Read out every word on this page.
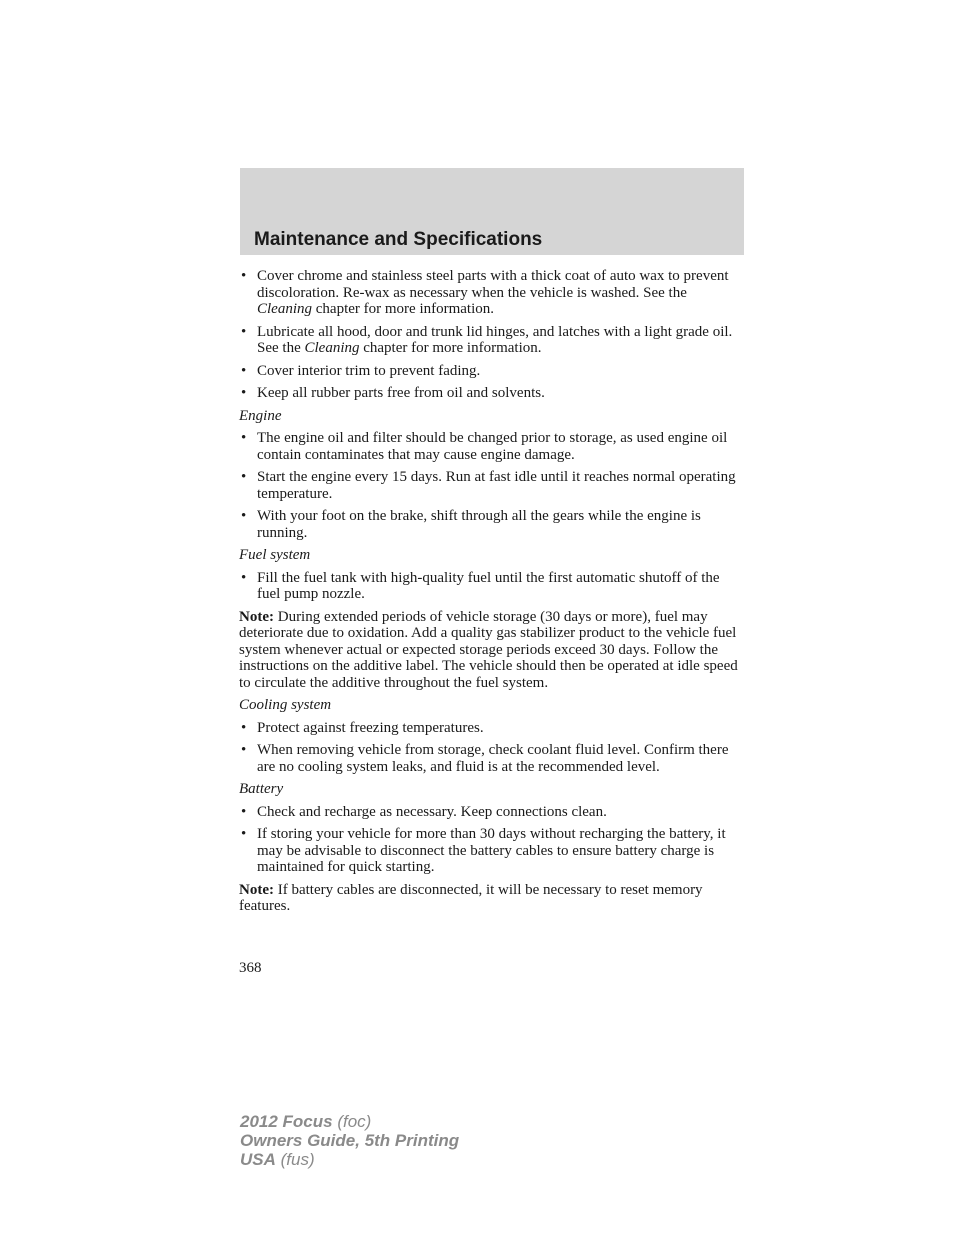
Maintenance and Specifications
• Cover chrome and stainless steel parts with a thick coat of auto wax to prevent discoloration. Re-wax as necessary when the vehicle is washed. See the Cleaning chapter for more information.
• Lubricate all hood, door and trunk lid hinges, and latches with a light grade oil. See the Cleaning chapter for more information.
• Cover interior trim to prevent fading.
• Keep all rubber parts free from oil and solvents.
Engine
• The engine oil and filter should be changed prior to storage, as used engine oil contain contaminates that may cause engine damage.
• Start the engine every 15 days. Run at fast idle until it reaches normal operating temperature.
• With your foot on the brake, shift through all the gears while the engine is running.
Fuel system
• Fill the fuel tank with high-quality fuel until the first automatic shutoff of the fuel pump nozzle.
Note: During extended periods of vehicle storage (30 days or more), fuel may deteriorate due to oxidation. Add a quality gas stabilizer product to the vehicle fuel system whenever actual or expected storage periods exceed 30 days. Follow the instructions on the additive label. The vehicle should then be operated at idle speed to circulate the additive throughout the fuel system.
Cooling system
• Protect against freezing temperatures.
• When removing vehicle from storage, check coolant fluid level. Confirm there are no cooling system leaks, and fluid is at the recommended level.
Battery
• Check and recharge as necessary. Keep connections clean.
• If storing your vehicle for more than 30 days without recharging the battery, it may be advisable to disconnect the battery cables to ensure battery charge is maintained for quick starting.
Note: If battery cables are disconnected, it will be necessary to reset memory features.
368
2012 Focus (foc)
Owners Guide, 5th Printing
USA (fus)
